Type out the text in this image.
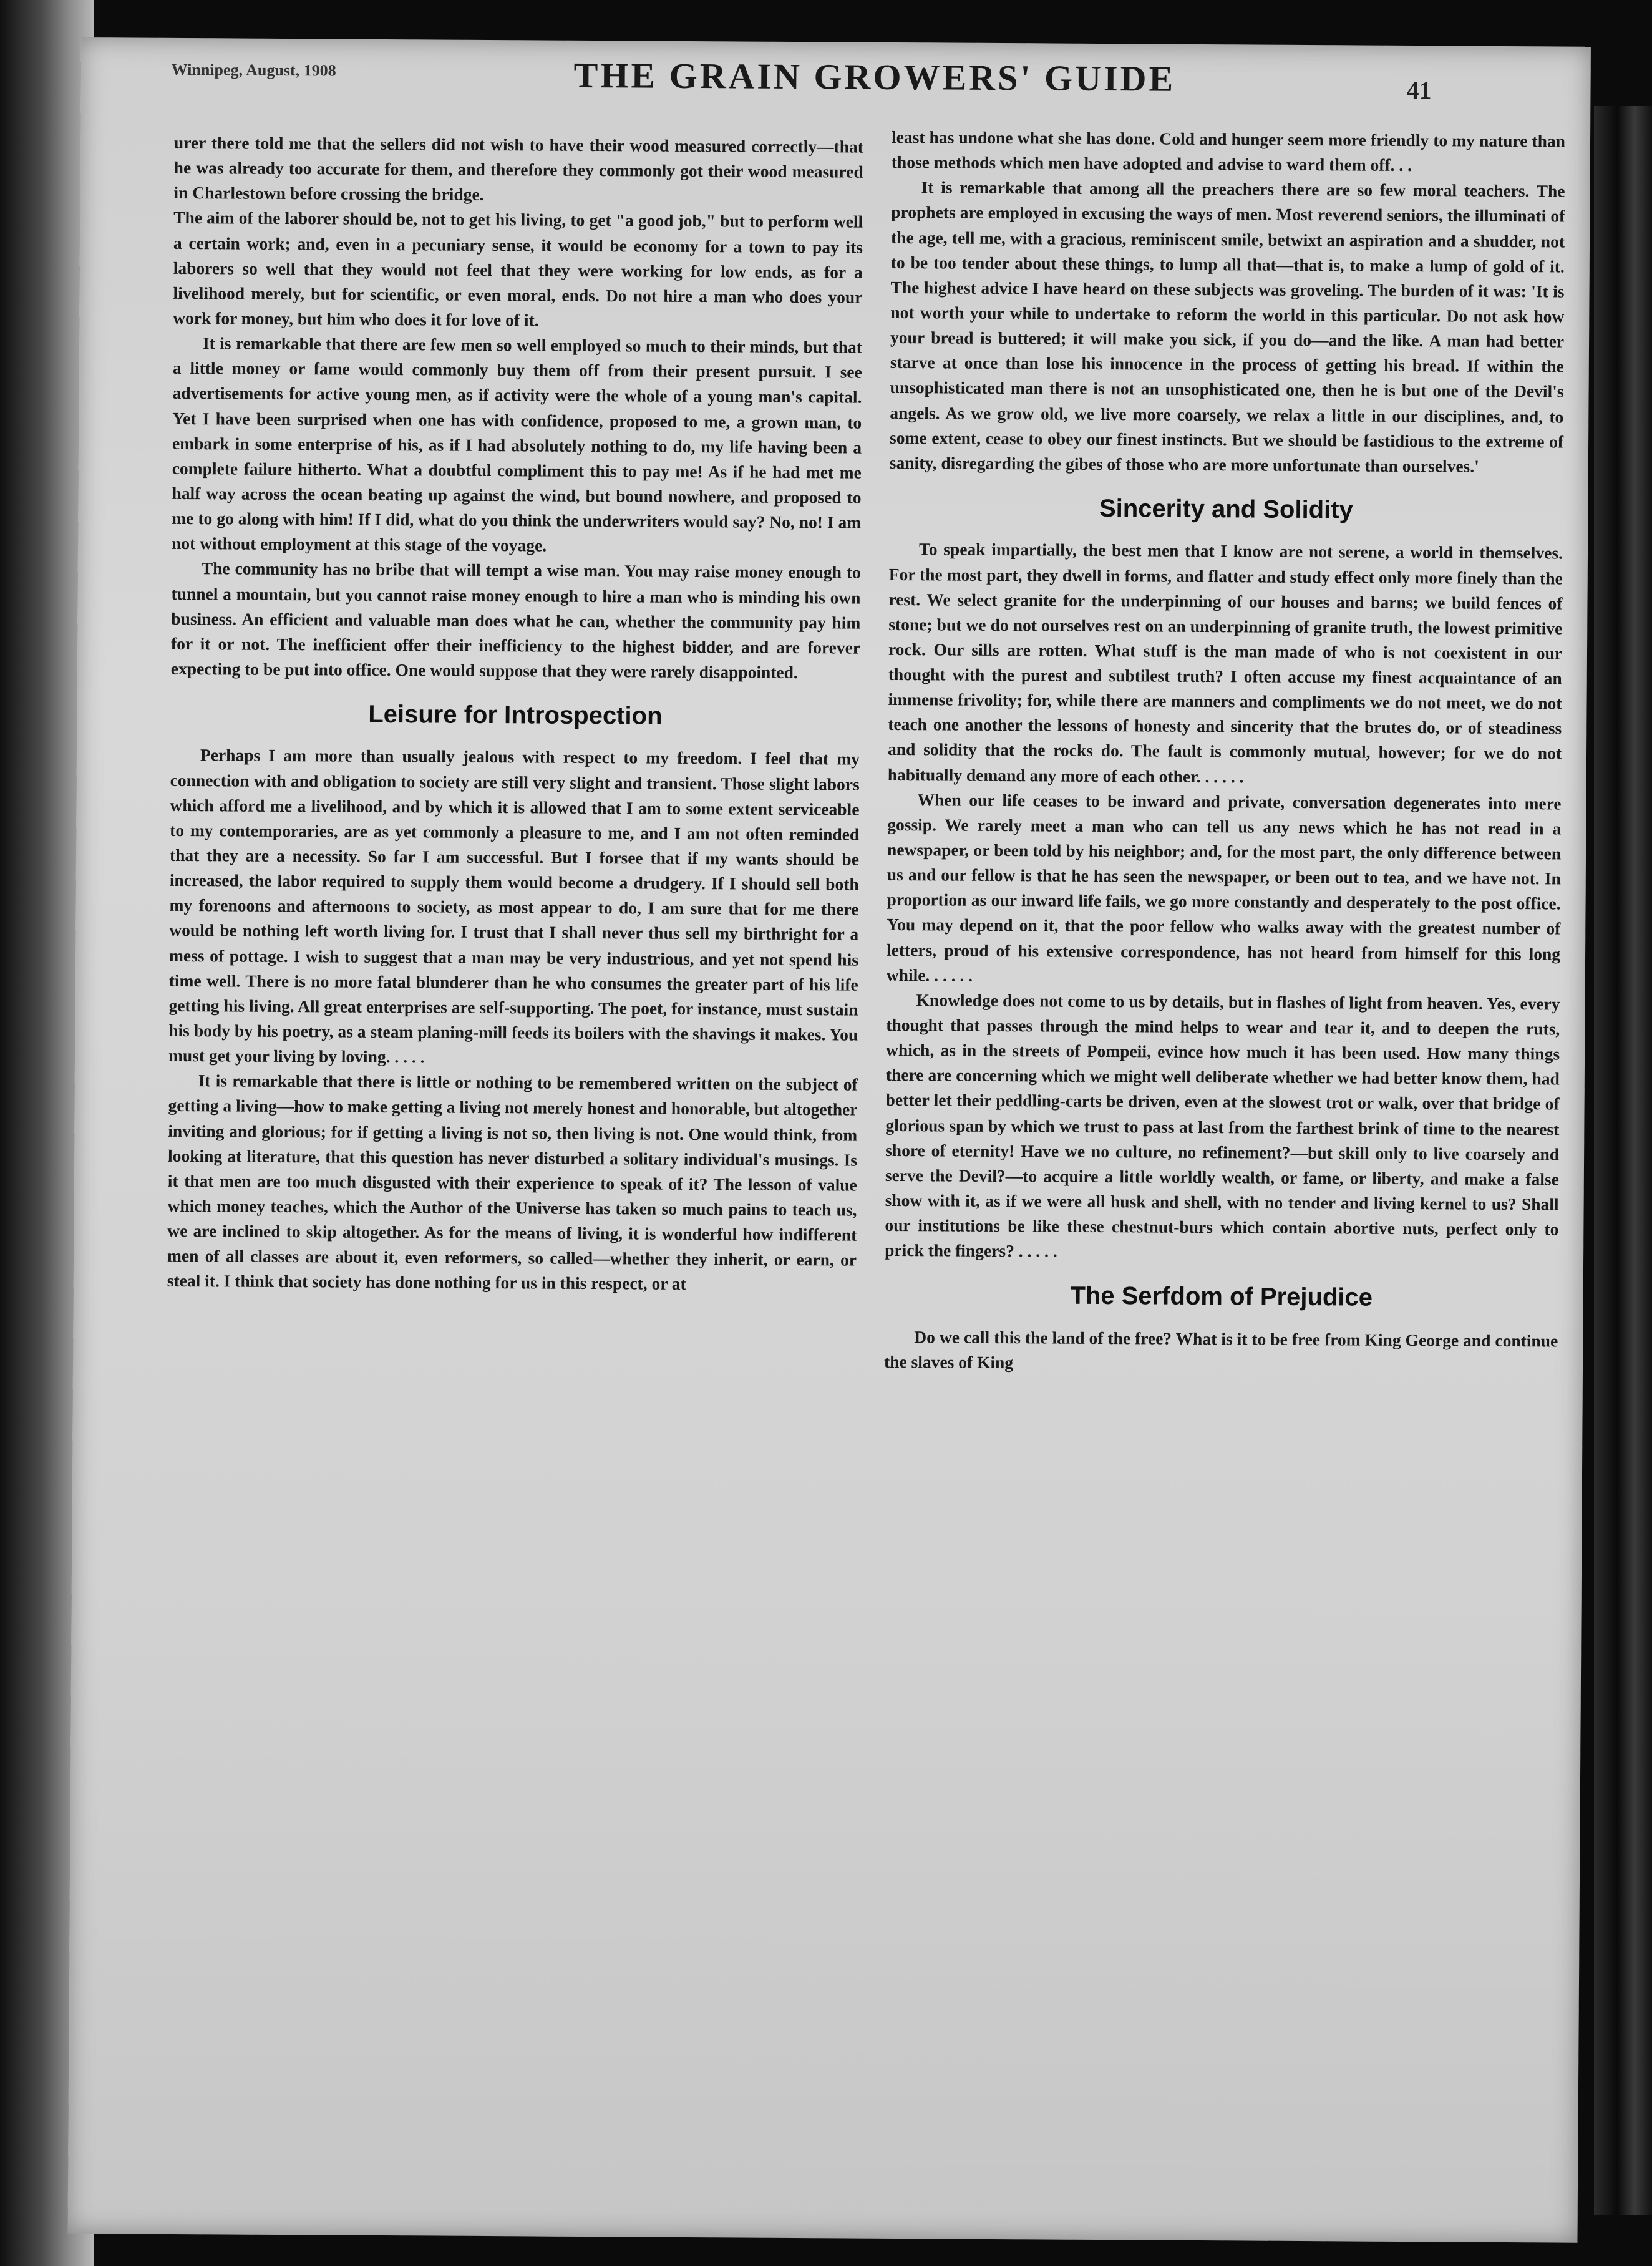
Winnipeg, August, 1908	THE GRAIN GROWERS' GUIDE	41

urer there told me that the sellers did not wish to have their wood measured correctly—that he was already too accurate for them, and therefore they commonly got their wood measured in Charlestown before crossing the bridge.

The aim of the laborer should be, not to get his living, to get "a good job," but to perform well a certain work; and, even in a pecuniary sense, it would be economy for a town to pay its laborers so well that they would not feel that they were working for low ends, as for a livelihood merely, but for scientific, or even moral, ends. Do not hire a man who does your work for money, but him who does it for love of it.

It is remarkable that there are few men so well employed so much to their minds, but that a little money or fame would commonly buy them off from their present pursuit. I see advertisements for active young men, as if activity were the whole of a young man's capital. Yet I have been surprised when one has with confidence, proposed to me, a grown man, to embark in some enterprise of his, as if I had absolutely nothing to do, my life having been a complete failure hitherto. What a doubtful compliment this to pay me! As if he had met me half way across the ocean beating up against the wind, but bound nowhere, and proposed to me to go along with him! If I did, what do you think the underwriters would say? No, no! I am not without employment at this stage of the voyage.

The community has no bribe that will tempt a wise man. You may raise money enough to tunnel a mountain, but you cannot raise money enough to hire a man who is minding his own business. An efficient and valuable man does what he can, whether the community pay him for it or not. The inefficient offer their inefficiency to the highest bidder, and are forever expecting to be put into office. One would suppose that they were rarely disappointed.

Leisure for Introspection

Perhaps I am more than usually jealous with respect to my freedom. I feel that my connection with and obligation to society are still very slight and transient. Those slight labors which afford me a livelihood, and by which it is allowed that I am to some extent serviceable to my contemporaries, are as yet commonly a pleasure to me, and I am not often reminded that they are a necessity. So far I am successful. But I forsee that if my wants should be increased, the labor required to supply them would become a drudgery. If I should sell both my forenoons and afternoons to society, as most appear to do, I am sure that for me there would be nothing left worth living for. I trust that I shall never thus sell my birthright for a mess of pottage. I wish to suggest that a man may be very industrious, and yet not spend his time well. There is no more fatal blunderer than he who consumes the greater part of his life getting his living. All great enterprises are self-supporting. The poet, for instance, must sustain his body by his poetry, as a steam planing-mill feeds its boilers with the shavings it makes. You must get your living by loving. . . . .

It is remarkable that there is little or nothing to be remembered written on the subject of getting a living—how to make getting a living not merely honest and honorable, but altogether inviting and glorious; for if getting a living is not so, then living is not. One would think, from looking at literature, that this question has never disturbed a solitary individual's musings. Is it that men are too much disgusted with their experience to speak of it? The lesson of value which money teaches, which the Author of the Universe has taken so much pains to teach us, we are inclined to skip altogether. As for the means of living, it is wonderful how indifferent men of all classes are about it, even reformers, so called—whether they inherit, or earn, or steal it. I think that society has done nothing for us in this respect, or at

least has undone what she has done. Cold and hunger seem more friendly to my nature than those methods which men have adopted and advise to ward them off. . .

It is remarkable that among all the preachers there are so few moral teachers. The prophets are employed in excusing the ways of men. Most reverend seniors, the illuminati of the age, tell me, with a gracious, reminiscent smile, betwixt an aspiration and a shudder, not to be too tender about these things, to lump all that—that is, to make a lump of gold of it. The highest advice I have heard on these subjects was groveling. The burden of it was: 'It is not worth your while to undertake to reform the world in this particular. Do not ask how your bread is buttered; it will make you sick, if you do—and the like. A man had better starve at once than lose his innocence in the process of getting his bread. If within the unsophisticated man there is not an unsophisticated one, then he is but one of the Devil's angels. As we grow old, we live more coarsely, we relax a little in our disciplines, and, to some extent, cease to obey our finest instincts. But we should be fastidious to the extreme of sanity, disregarding the gibes of those who are more unfortunate than ourselves.'

Sincerity and Solidity

To speak impartially, the best men that I know are not serene, a world in themselves. For the most part, they dwell in forms, and flatter and study effect only more finely than the rest. We select granite for the underpinning of our houses and barns; we build fences of stone; but we do not ourselves rest on an underpinning of granite truth, the lowest primitive rock. Our sills are rotten. What stuff is the man made of who is not coexistent in our thought with the purest and subtilest truth? I often accuse my finest acquaintance of an immense frivolity; for, while there are manners and compliments we do not meet, we do not teach one another the lessons of honesty and sincerity that the brutes do, or of steadiness and solidity that the rocks do. The fault is commonly mutual, however; for we do not habitually demand any more of each other. . . . . .

When our life ceases to be inward and private, conversation degenerates into mere gossip. We rarely meet a man who can tell us any news which he has not read in a newspaper, or been told by his neighbor; and, for the most part, the only difference between us and our fellow is that he has seen the newspaper, or been out to tea, and we have not. In proportion as our inward life fails, we go more constantly and desperately to the post office. You may depend on it, that the poor fellow who walks away with the greatest number of letters, proud of his extensive correspondence, has not heard from himself for this long while. . . . . .

Knowledge does not come to us by details, but in flashes of light from heaven. Yes, every thought that passes through the mind helps to wear and tear it, and to deepen the ruts, which, as in the streets of Pompeii, evince how much it has been used. How many things there are concerning which we might well deliberate whether we had better know them, had better let their peddling-carts be driven, even at the slowest trot or walk, over that bridge of glorious span by which we trust to pass at last from the farthest brink of time to the nearest shore of eternity! Have we no culture, no refinement?—but skill only to live coarsely and serve the Devil?—to acquire a little worldly wealth, or fame, or liberty, and make a false show with it, as if we were all husk and shell, with no tender and living kernel to us? Shall our institutions be like these chestnut-burs which contain abortive nuts, perfect only to prick the fingers? . . . . .

The Serfdom of Prejudice

Do we call this the land of the free? What is it to be free from King George and continue the slaves of King
